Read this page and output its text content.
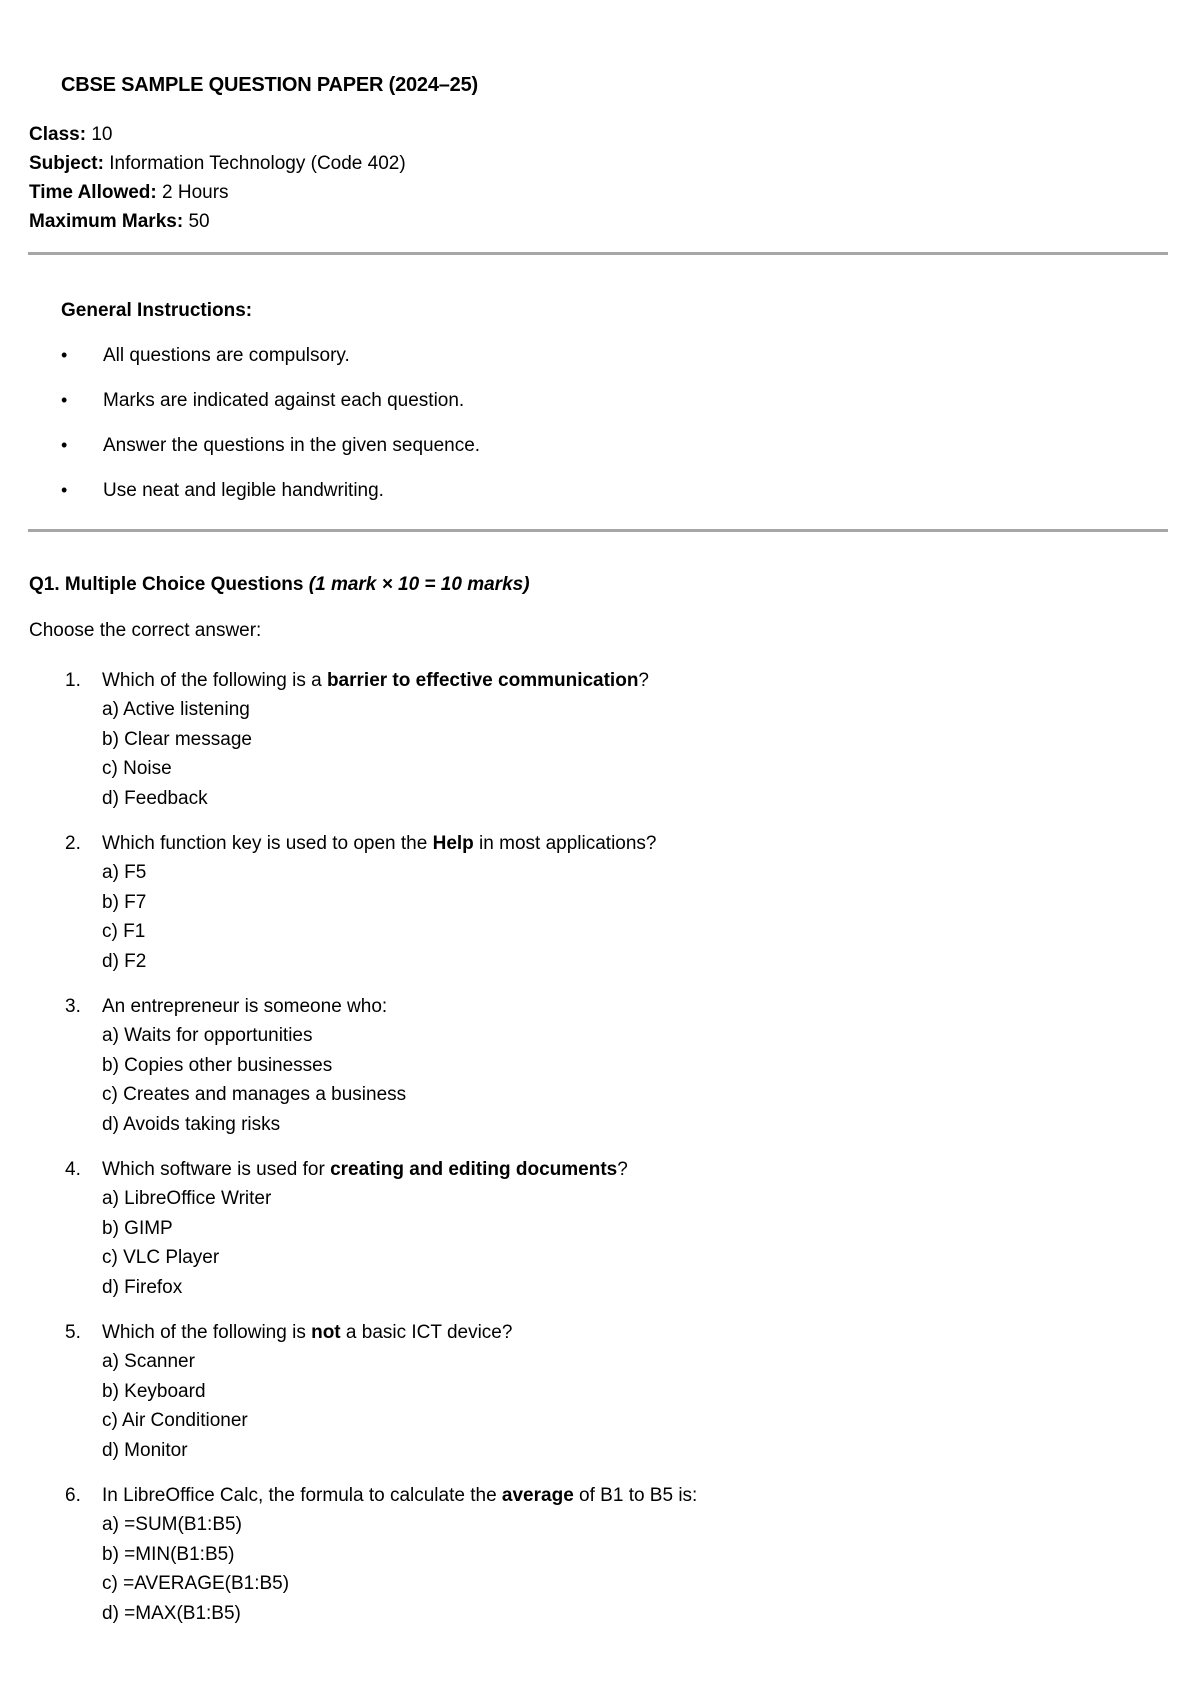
CBSE SAMPLE QUESTION PAPER (2024–25)
Class: 10
Subject: Information Technology (Code 402)
Time Allowed: 2 Hours
Maximum Marks: 50
General Instructions:
•	All questions are compulsory.
•	Marks are indicated against each question.
•	Answer the questions in the given sequence.
•	Use neat and legible handwriting.
Q1. Multiple Choice Questions (1 mark × 10 = 10 marks)
Choose the correct answer:
1.	Which of the following is a barrier to effective communication?
a) Active listening
b) Clear message
c) Noise
d) Feedback
2.	Which function key is used to open the Help in most applications?
a) F5
b) F7
c) F1
d) F2
3.	An entrepreneur is someone who:
a) Waits for opportunities
b) Copies other businesses
c) Creates and manages a business
d) Avoids taking risks
4.	Which software is used for creating and editing documents?
a) LibreOffice Writer
b) GIMP
c) VLC Player
d) Firefox
5.	Which of the following is not a basic ICT device?
a) Scanner
b) Keyboard
c) Air Conditioner
d) Monitor
6.	In LibreOffice Calc, the formula to calculate the average of B1 to B5 is:
a) =SUM(B1:B5)
b) =MIN(B1:B5)
c) =AVERAGE(B1:B5)
d) =MAX(B1:B5)
